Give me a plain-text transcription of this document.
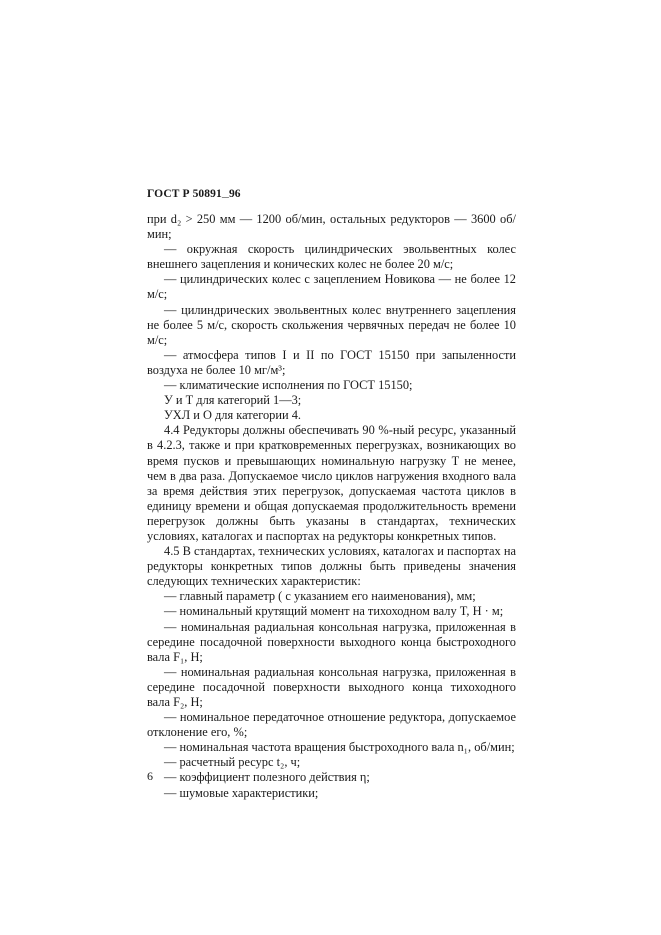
ГОСТ Р $50891_—96$

при d₂ > 250 мм — 1200 об/мин, остальных редукторов — 3600 об/мин;

— окружная скорость цилиндрических эвольвентных колес внешнего зацепления и конических колес не более 20 м/с;

— цилиндрических колес с зацеплением Новикова — не более 12 м/с;

— цилиндрических эвольвентных колес внутреннего зацепления не более 5 м/с, скорость скольжения червячных передач не более 10 м/с;

— атмосфера типов I и II по ГОСТ 15150 при запыленности воздуха не более 10 мг/м³;

— климатические исполнения по ГОСТ 15150;

У и Т для категорий 1—3;

УХЛ и О для категории 4.

4.4 Редукторы должны обеспечивать 90 %-ный ресурс, указанный в 4.2.3, также и при кратковременных перегрузках, возникающих во время пусков и превышающих номинальную нагрузку T не менее, чем в два раза. Допускаемое число циклов нагружения входного вала за время действия этих перегрузок, допускаемая частота циклов в единицу времени и общая допускаемая продолжительность времени перегрузок должны быть указаны в стандартах, технических условиях, каталогах и паспортах на редукторы конкретных типов.

4.5 В стандартах, технических условиях, каталогах и паспортах на редукторы конкретных типов должны быть приведены значения следующих технических характеристик:

— главный параметр ( с указанием его наименования), мм;

— номинальный крутящий момент на тихоходном валу T, Н · м;

— номинальная радиальная консольная нагрузка, приложенная в середине посадочной поверхности выходного конца быстроходного вала F₁, Н;

— номинальная радиальная консольная нагрузка, приложенная в середине посадочной поверхности выходного конца тихоходного вала F₂, Н;

— номинальное передаточное отношение редуктора, допускаемое отклонение его, %;

— номинальная частота вращения быстроходного вала n₁, об/мин;

— расчетный ресурс t₂, ч;

— коэффициент полезного действия η;

— шумовые характеристики;

6
